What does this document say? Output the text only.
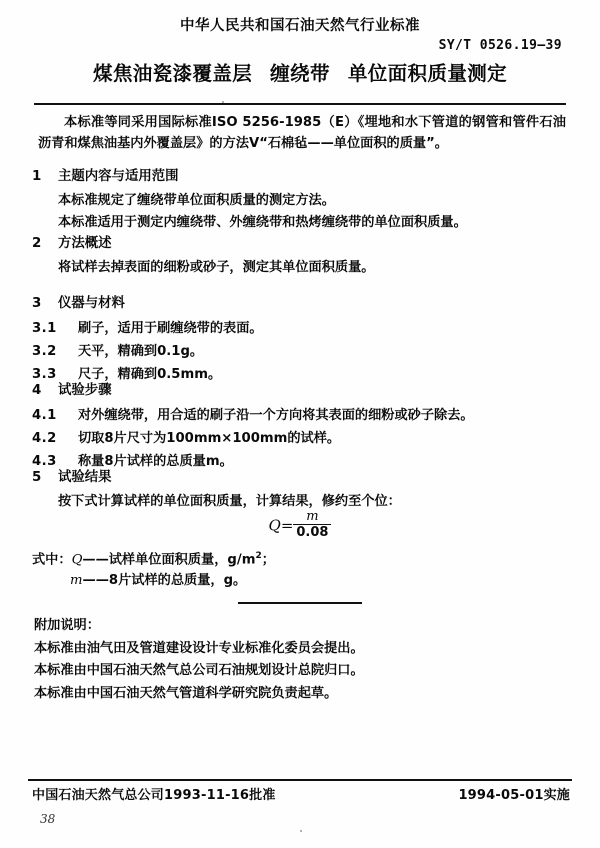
中华人民共和国石油天然气行业标准
SY/T 0526.19—39
煤焦油瓷漆覆盖层 缠绕带 单位面积质量测定
本标准等同采用国际标准ISO 5256-1985（E）《埋地和水下管道的钢管和管件石油 沥青和煤焦油基内外覆盖层》的方法Ⅴ“石棉毡——单位面积的质量”。
1 主题内容与适用范围
本标准规定了缠绕带单位面积质量的测定方法。
本标准适用于测定内缠绕带、外缠绕带和热烤缠绕带的单位面积质量。
2 方法概述
将试样去掉表面的细粉或砂子，测定其单位面积质量。
3 仪器与材料
3.1 刷子，适用于刷缠绕带的表面。
3.2 天平，精确到0.1g。
3.3 尺子，精确到0.5mm。
4 试验步骤
4.1 对外缠绕带，用合适的刷子沿一个方向将其表面的细粉或砂子除去。
4.2 切取8片尺寸为100mm×100mm的试样。
4.3 称量8片试样的总质量m。
5 试验结果
按下式计算试样的单位面积质量，计算结果，修约至个位：
$Q= \frac{m}{0.08}$
式中：Q——试样单位面积质量，$g/m^2$；
m——8片试样的总质量，g。
附加说明：
本标准由油气田及管道建设设计专业标准化委员会提出。
本标准由中国石油天然气总公司石油规划设计总院归口。
本标准由中国石油天然气管道科学研究院负责起草。
中国石油天然气总公司1993-11-16批准	1994-05-01实施
38
